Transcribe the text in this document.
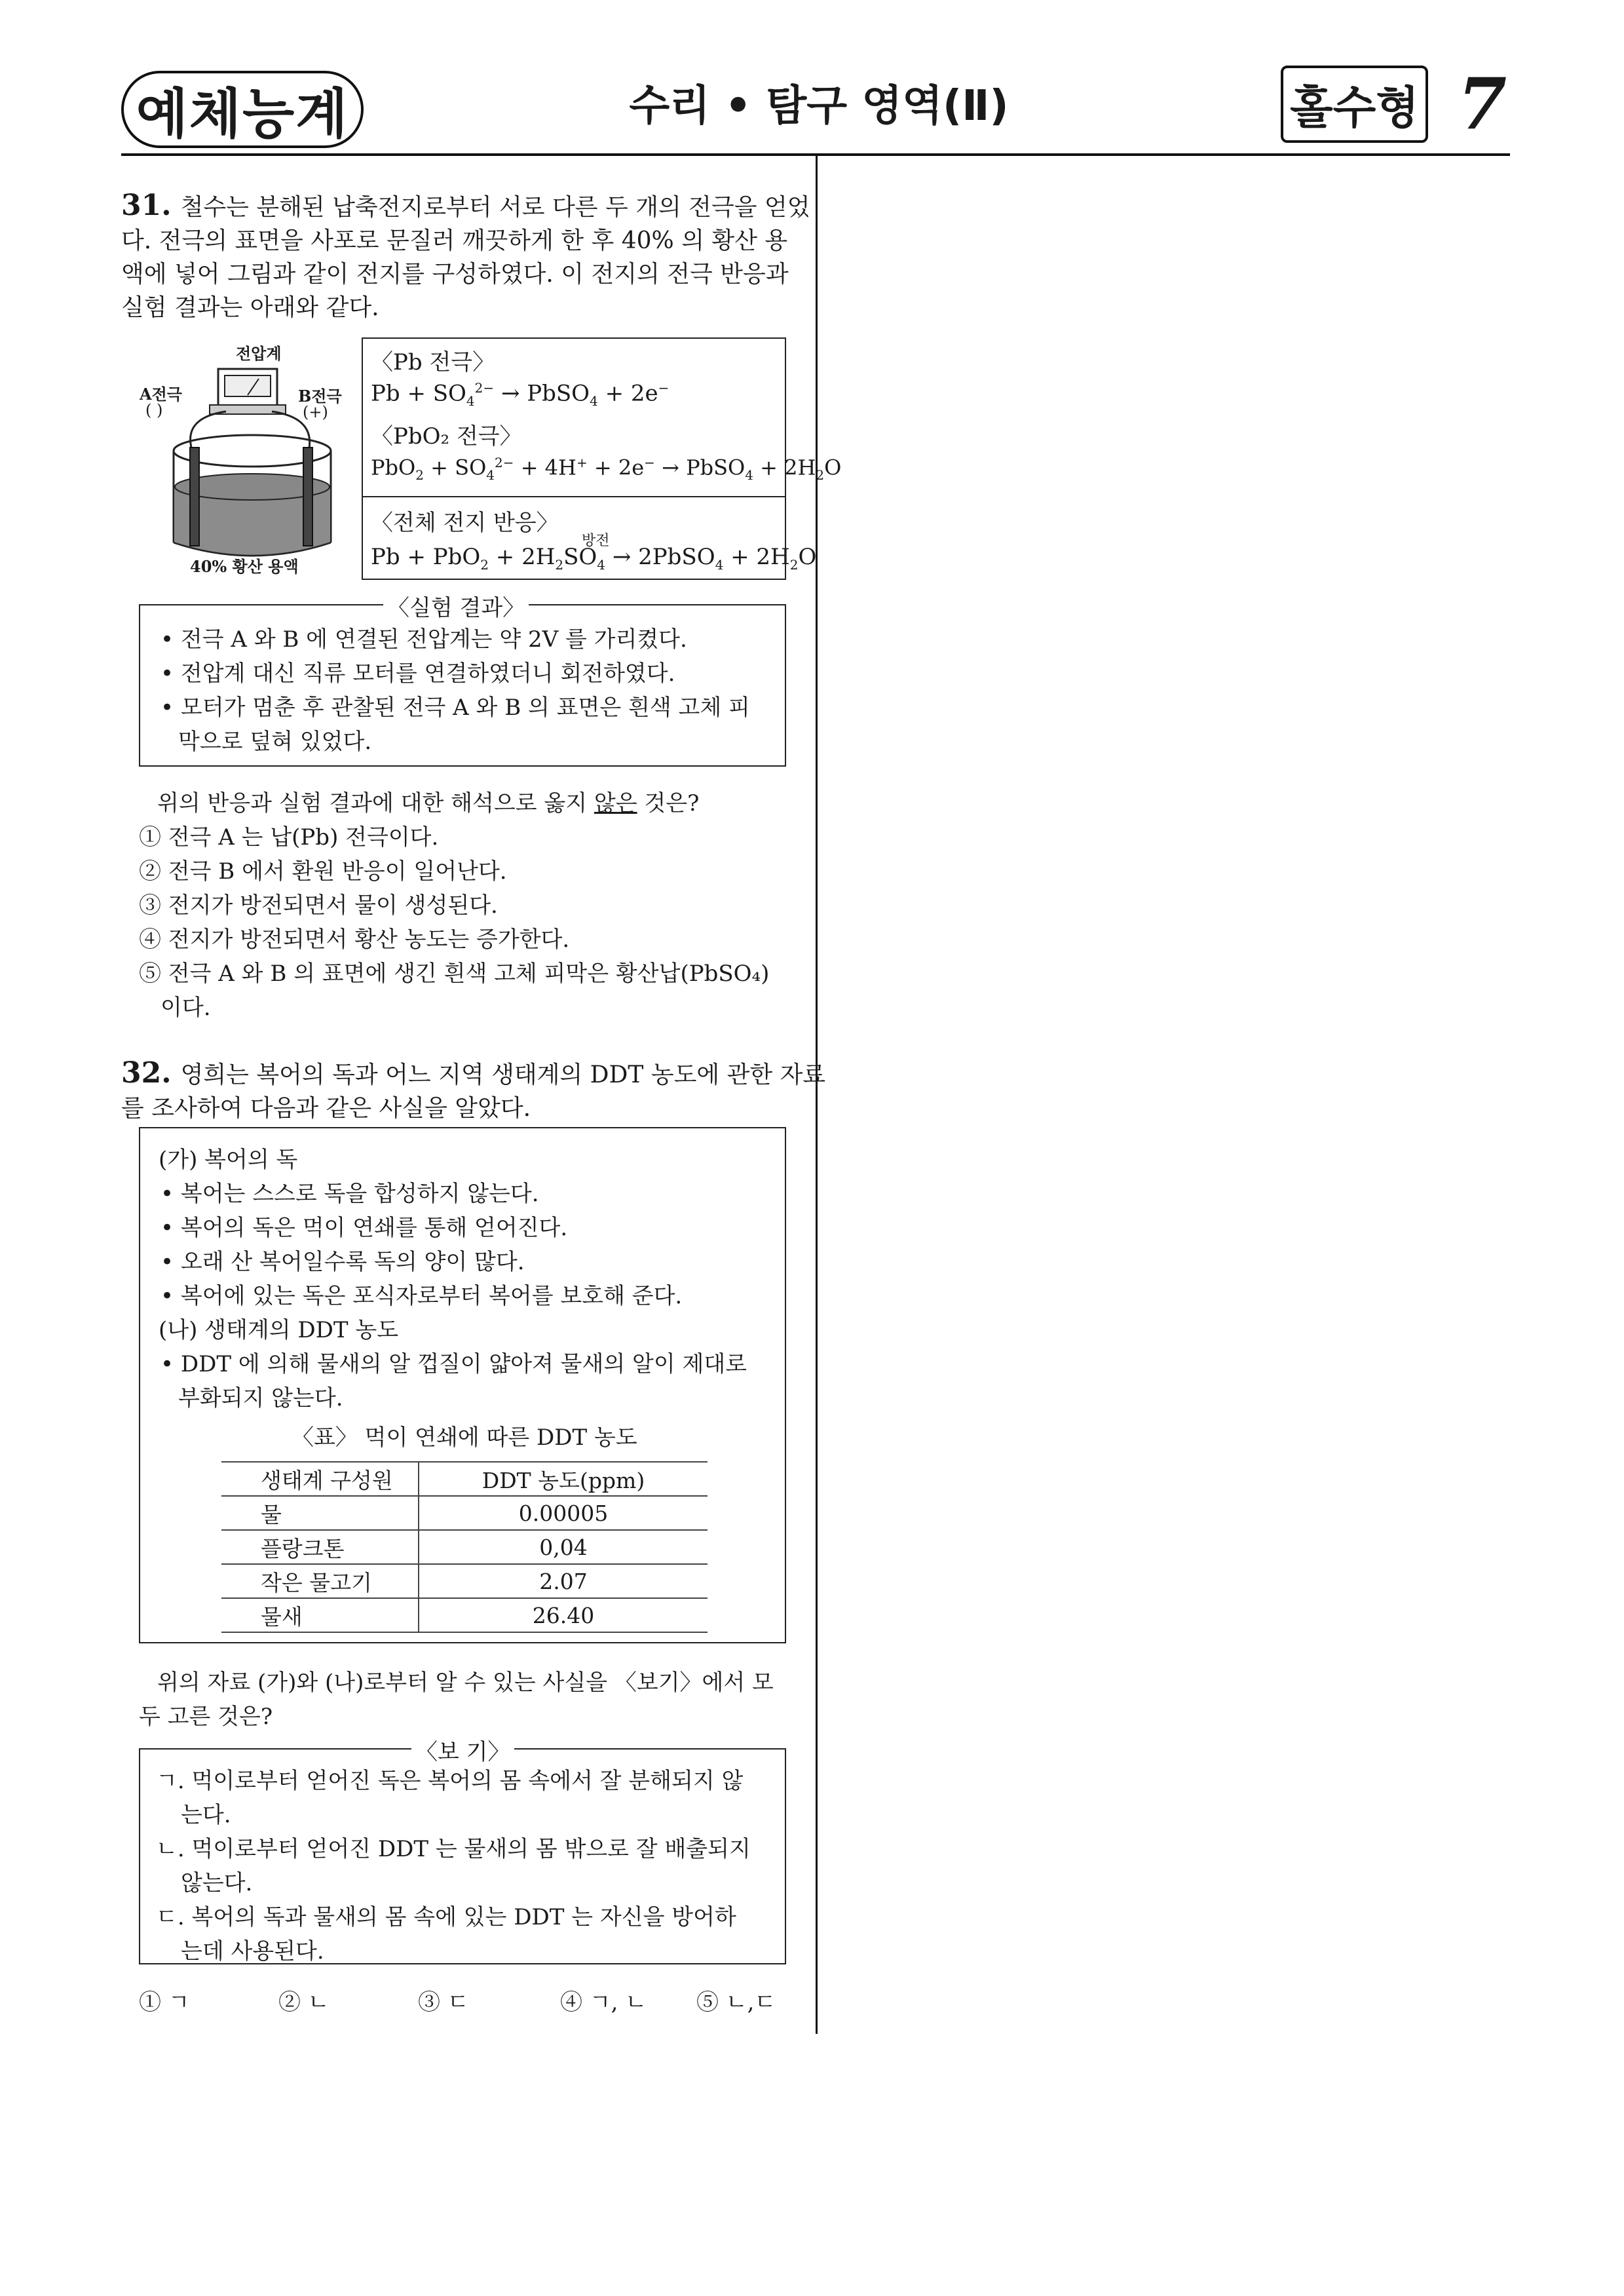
예체능계	수리 • 탐구 영역(Ⅱ)	홀수형 7
31. 철수는 분해된 납축전지로부터 서로 다른 두 개의 전극을 얻었
다. 전극의 표면을 사포로 문질러 깨끗하게 한 후 40% 의 황산 용
액에 넣어 그림과 같이 전지를 구성하였다. 이 전지의 전극 반응과
실험 결과는 아래와 같다.
전압계
A전극
( )
B전극
(+)
40% 황산 용액
〈Pb 전극〉
$Pb + SO_4^{2-}$ → PbSO$_4$ + 2e−
〈PbO₂ 전극〉
$PbO_2 + SO_4^{2-} + 4H^+ + 2e^-$ → PbSO$_4$ + $2H_2O$
〈전체 전지 반응〉
방전
$Pb + PbO_2 + 2H_2SO_4$ → 2PbSO$_4$ + $2H_2O$
〈실험 결과〉
• 전극 A 와 B 에 연결된 전압계는 약 2V 를 가리켰다.
• 전압계 대신 직류 모터를 연결하였더니 회전하였다.
• 모터가 멈춘 후 관찰된 전극 A 와 B 의 표면은 흰색 고체 피
막으로 덮혀 있었다.
위의 반응과 실험 결과에 대한 해석으로 옳지 않은 것은?
① 전극 A 는 납(Pb) 전극이다.
② 전극 B 에서 환원 반응이 일어난다.
③ 전지가 방전되면서 물이 생성된다.
④ 전지가 방전되면서 황산 농도는 증가한다.
⑤ 전극 A 와 B 의 표면에 생긴 흰색 고체 피막은 황산납(PbSO₄)
이다.
32. 영희는 복어의 독과 어느 지역 생태계의 DDT 농도에 관한 자료
를 조사하여 다음과 같은 사실을 알았다.
(가) 복어의 독
• 복어는 스스로 독을 합성하지 않는다.
• 복어의 독은 먹이 연쇄를 통해 얻어진다.
• 오래 산 복어일수록 독의 양이 많다.
• 복어에 있는 독은 포식자로부터 복어를 보호해 준다.
(나) 생태계의 DDT 농도
• DDT 에 의해 물새의 알 껍질이 얇아져 물새의 알이 제대로
부화되지 않는다.
〈표〉 먹이 연쇄에 따른 DDT 농도
생태계 구성원	DDT 농도(ppm)
물	0.00005
플랑크톤	0,04
작은 물고기	2.07
물새	26.40
위의 자료 (가)와 (나)로부터 알 수 있는 사실을 〈보기〉에서 모
두 고른 것은?
〈보 기〉
ㄱ. 먹이로부터 얻어진 독은 복어의 몸 속에서 잘 분해되지 않
는다.
ㄴ. 먹이로부터 얻어진 DDT 는 물새의 몸 밖으로 잘 배출되지
않는다.
ㄷ. 복어의 독과 물새의 몸 속에 있는 DDT 는 자신을 방어하
는데 사용된다.
① ㄱ	② ㄴ	③ ㄷ	④ ㄱ, ㄴ ⑤ ㄴ,ㄷ
